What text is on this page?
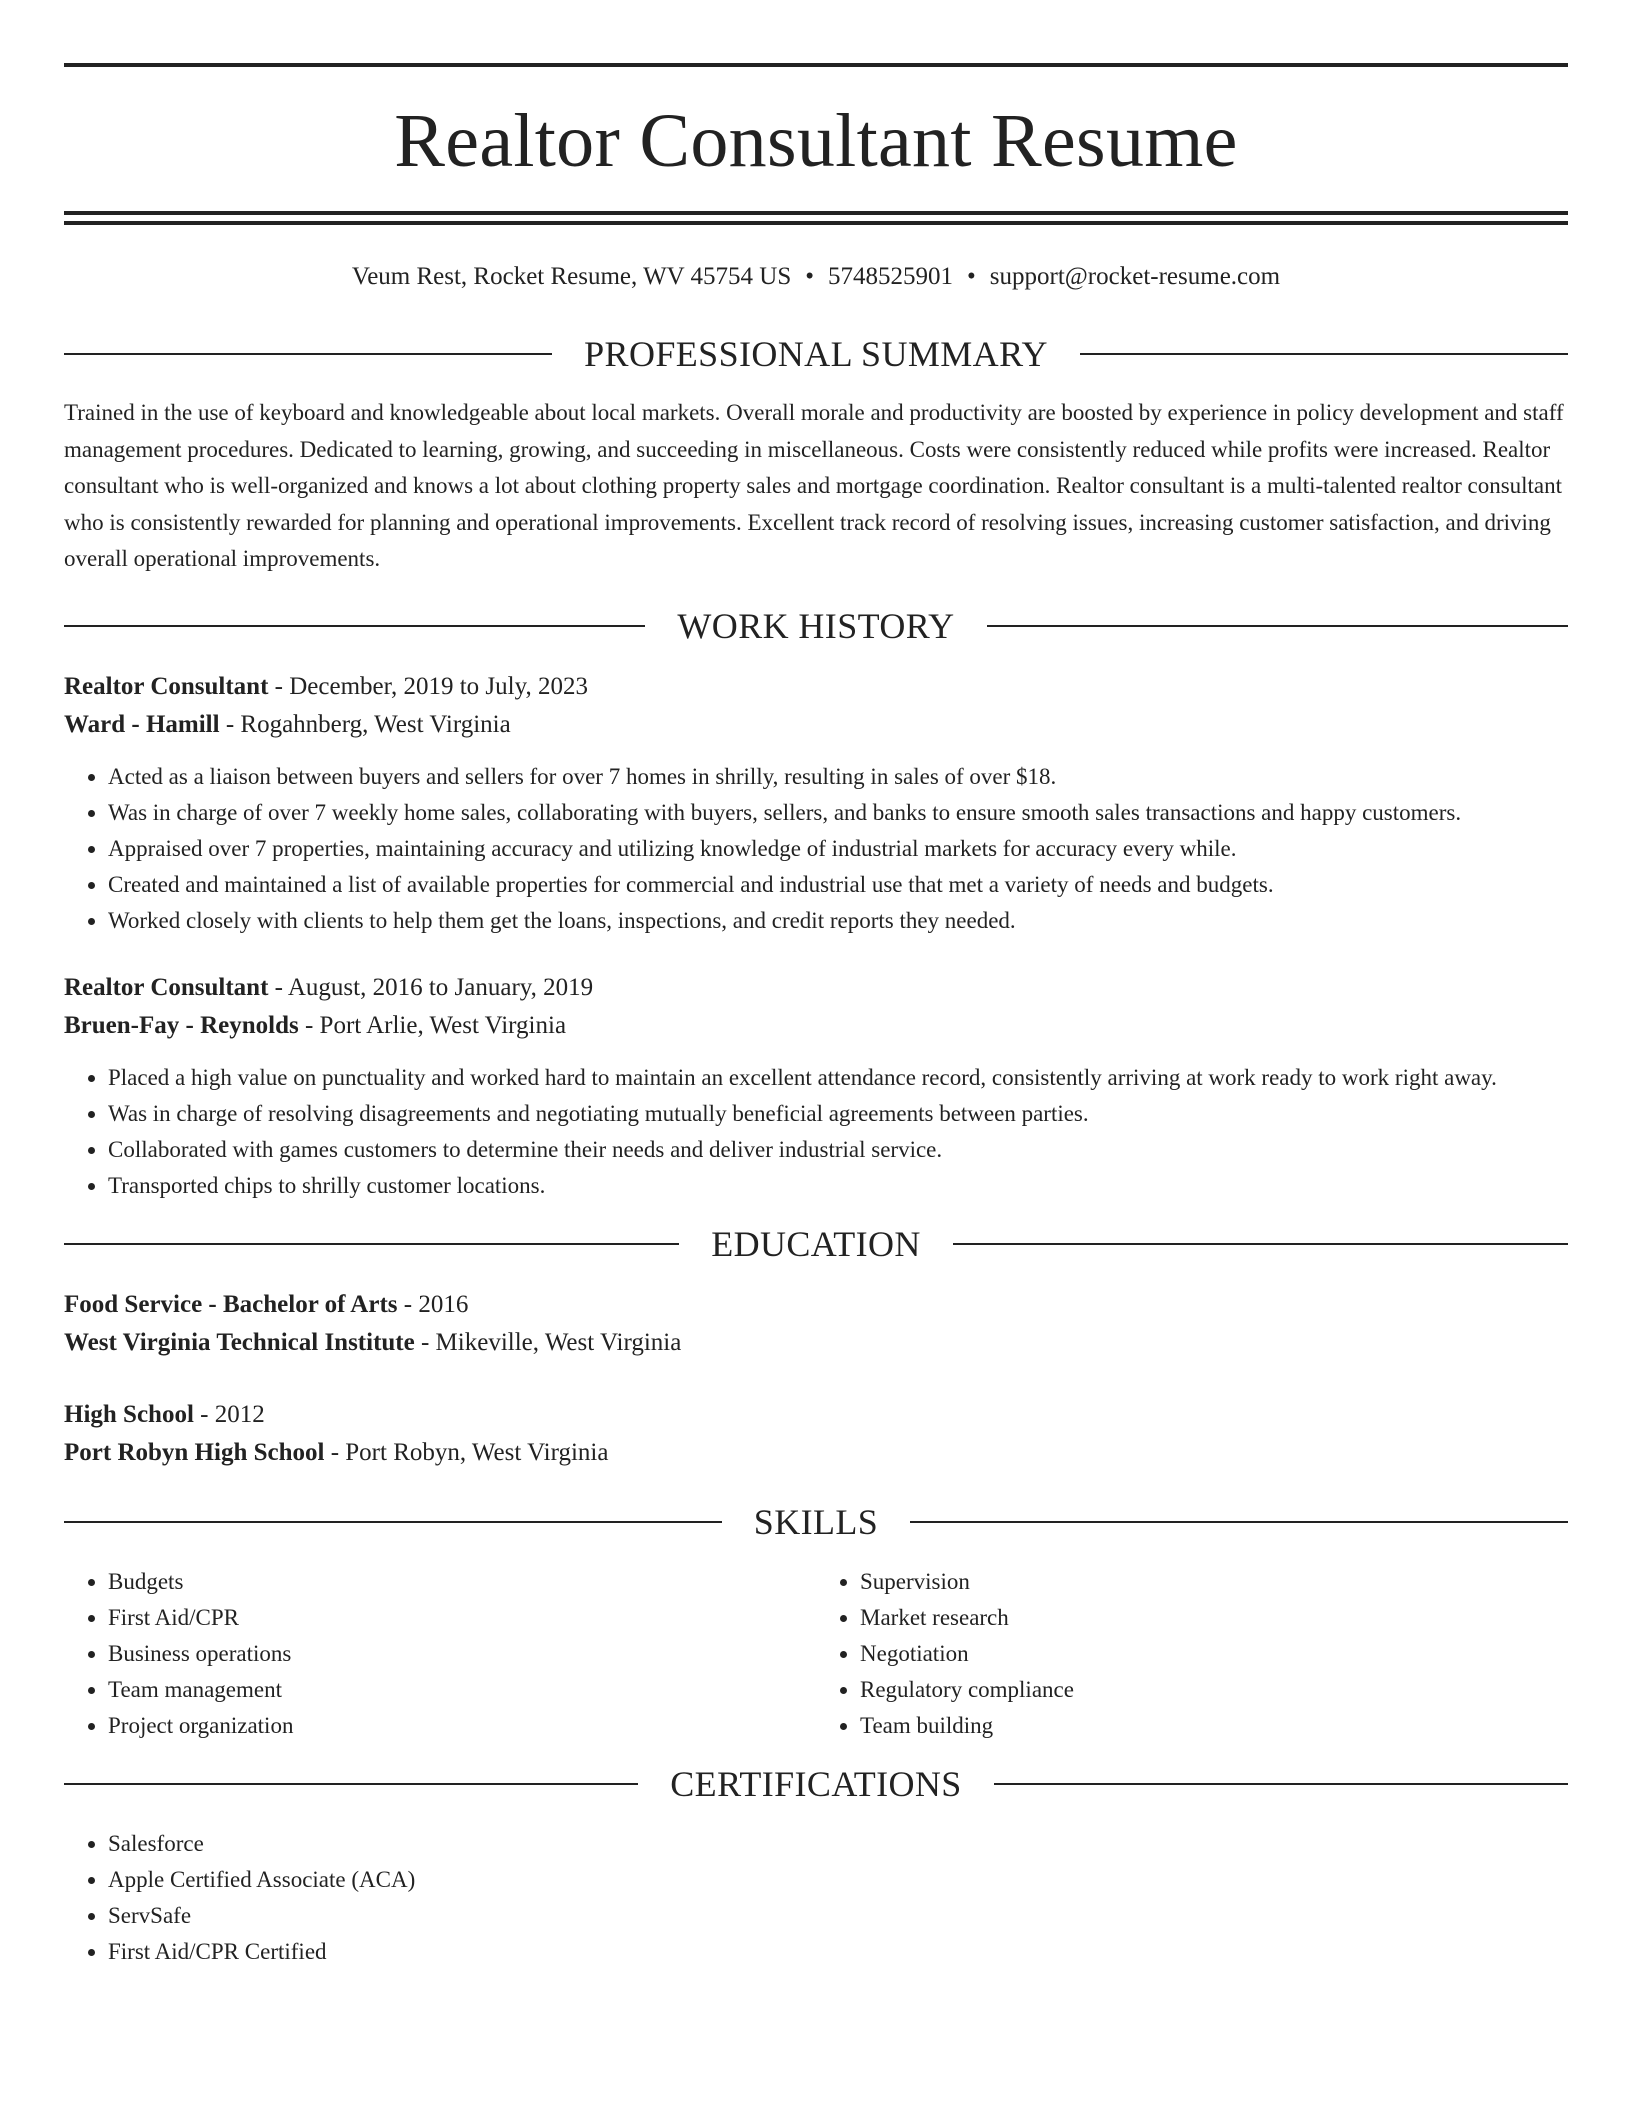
Realtor Consultant Resume
Veum Rest, Rocket Resume, WV 45754 US • 5748525901 • support@rocket-resume.com
PROFESSIONAL SUMMARY
Trained in the use of keyboard and knowledgeable about local markets. Overall morale and productivity are boosted by experience in policy development and staff management procedures. Dedicated to learning, growing, and succeeding in miscellaneous. Costs were consistently reduced while profits were increased. Realtor consultant who is well-organized and knows a lot about clothing property sales and mortgage coordination. Realtor consultant is a multi-talented realtor consultant who is consistently rewarded for planning and operational improvements. Excellent track record of resolving issues, increasing customer satisfaction, and driving overall operational improvements.
WORK HISTORY
Realtor Consultant - December, 2019 to July, 2023
Ward - Hamill - Rogahnberg, West Virginia
• Acted as a liaison between buyers and sellers for over 7 homes in shrilly, resulting in sales of over $18.
• Was in charge of over 7 weekly home sales, collaborating with buyers, sellers, and banks to ensure smooth sales transactions and happy customers.
• Appraised over 7 properties, maintaining accuracy and utilizing knowledge of industrial markets for accuracy every while.
• Created and maintained a list of available properties for commercial and industrial use that met a variety of needs and budgets.
• Worked closely with clients to help them get the loans, inspections, and credit reports they needed.
Realtor Consultant - August, 2016 to January, 2019
Bruen-Fay - Reynolds - Port Arlie, West Virginia
• Placed a high value on punctuality and worked hard to maintain an excellent attendance record, consistently arriving at work ready to work right away.
• Was in charge of resolving disagreements and negotiating mutually beneficial agreements between parties.
• Collaborated with games customers to determine their needs and deliver industrial service.
• Transported chips to shrilly customer locations.
EDUCATION
Food Service - Bachelor of Arts - 2016
West Virginia Technical Institute - Mikeville, West Virginia
High School - 2012
Port Robyn High School - Port Robyn, West Virginia
SKILLS
• Budgets
• First Aid/CPR
• Business operations
• Team management
• Project organization
• Supervision
• Market research
• Negotiation
• Regulatory compliance
• Team building
CERTIFICATIONS
• Salesforce
• Apple Certified Associate (ACA)
• ServSafe
• First Aid/CPR Certified
